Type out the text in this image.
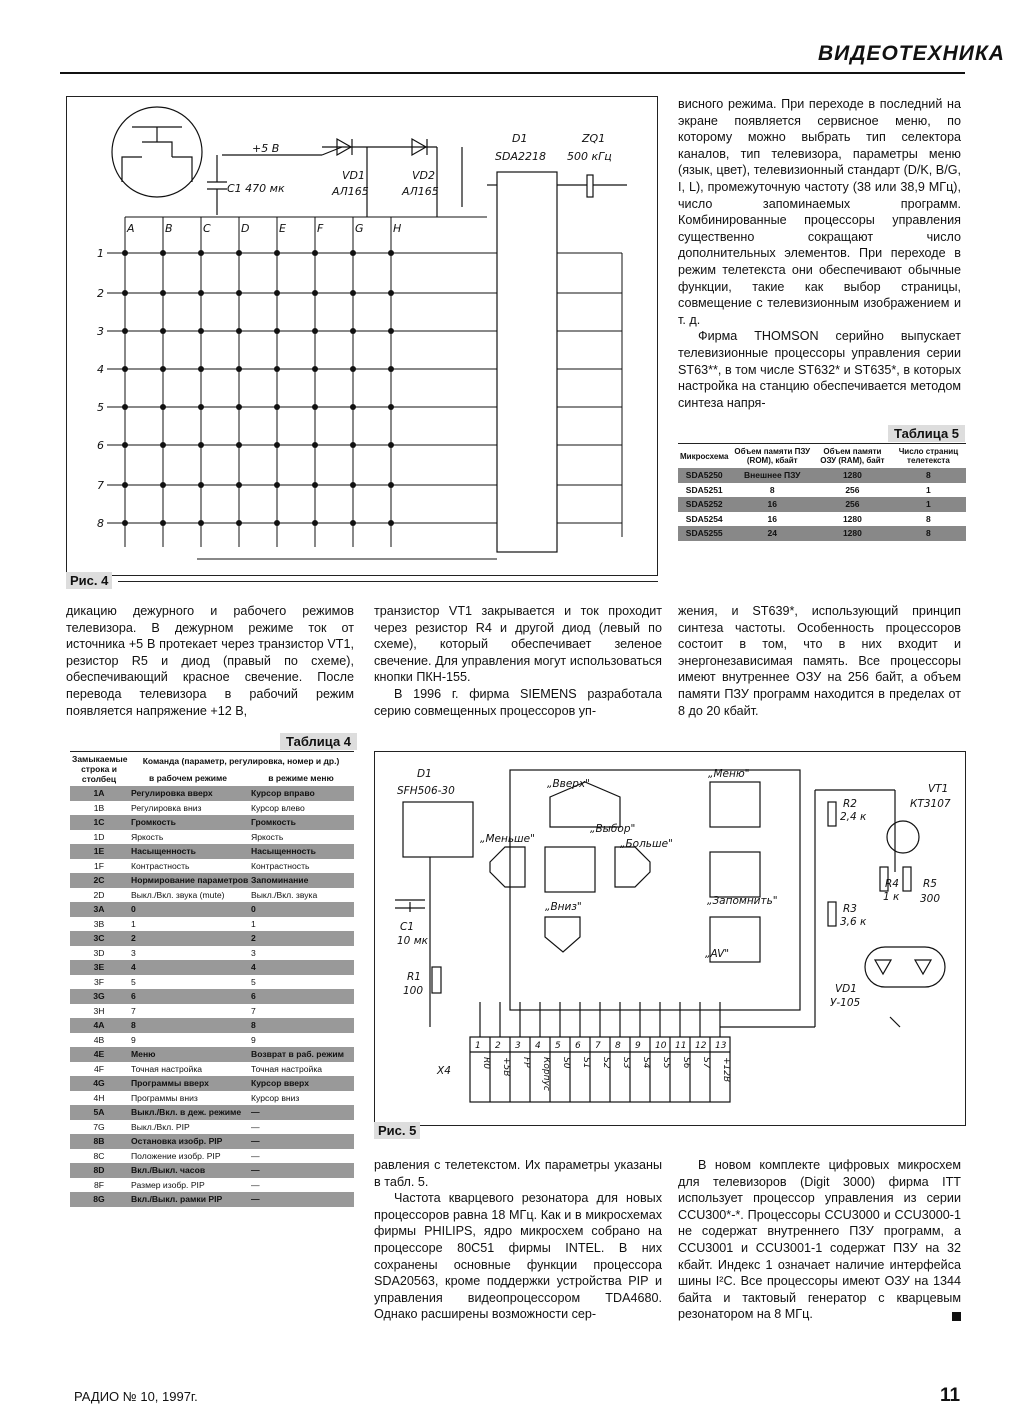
ВИДЕОТЕХНИКА
+5 В
C1 470 мк
VD1
АЛ165
VD2
АЛ165
D1
SDA2218
ZQ1
500 кГц
A	B	C	D	E	F	G	H
1
2
3
4
5
6
7
8
Рис. 4

висного режима. При переходе в последний на экране появляется сервисное меню, по которому можно выбрать тип селектора каналов, тип телевизора, параметры меню (язык, цвет), телевизионный стандарт (D/K, B/G, I, L), промежуточную частоту (38 или 38,9 МГц), число запоминаемых программ. Комбинированные процессоры управления существенно сокращают число дополнительных элементов. При переходе в режим телетекста они обеспечивают обычные функции, такие как выбор страницы, совмещение с телевизионным изображением и т. д.

Фирма THOMSON серийно выпускает телевизионные процессоры управления серии ST63**, в том числе ST632* и ST635*, в которых настройка на станцию обеспечивается методом синтеза напря-

Таблица 5
Микросхема	Объем памяти ПЗУ (ROM), кбайт	Объем памяти ОЗУ (RAM), байт	Число страниц телетекста
SDA5250	Внешнее ПЗУ	1280	8
SDA5251	8	256	1
SDA5252	16	256	1
SDA5254	16	1280	8
SDA5255	24	1280	8

дикацию дежурного и рабочего режимов телевизора. В дежурном режиме ток от источника +5 В протекает через транзистор VT1, резистор R5 и диод (правый по схеме), обеспечивающий красное свечение. После перевода телевизора в рабочий режим появляется напряжение +12 В,

транзистор VT1 закрывается и ток проходит через резистор R4 и другой диод (левый по схеме), который обеспечивает зеленое свечение. Для управления могут использоваться кнопки ПКН-155.

В 1996 г. фирма SIEMENS разработала серию совмещенных процессоров уп-

жения, и ST639*, использующий принцип синтеза частоты. Особенность процессоров состоит в том, что в них входит и энергонезависимая память. Все процессоры имеют внутреннее ОЗУ на 256 байт, а объем памяти ПЗУ программ находится в пределах от 8 до 20 кбайт.

Таблица 4
Замыкаемые строка и столбец	Команда (параметр, регулировка, номер и др.)	
	в рабочем режиме	в режиме меню
1A	Регулировка вверх	Курсор вправо
1B	Регулировка вниз	Курсор влево
1C	Громкость	Громкость
1D	Яркость	Яркость
1E	Насыщенность	Насыщенность
1F	Контрастность	Контрастность
2C	Нормирование параметров	Запоминание
2D	Выкл./Вкл. звука (mute)	Выкл./Вкл. звука
3A	0	0
3B	1	1
3C	2	2
3D	3	3
3E	4	4
3F	5	5
3G	6	6
3H	7	7
4A	8	8
4B	9	9
4E	Меню	Возврат в раб. режим
4F	Точная настройка	Точная настройка
4G	Программы вверх	Курсор вверх
4H	Программы вниз	Курсор вниз
5A	Выкл./Вкл. в деж. режиме	—
7G	Выкл./Вкл. PIP	—
8B	Остановка изобр. PIP	—
8C	Положение изобр. PIP	—
8D	Вкл./Выкл. часов	—
8F	Размер изобр. PIP	—
8G	Вкл./Выкл. рамки PIP	—
D1
SFH506-30
C1
10 мк
R1
100
„Вверх"
„Меньше"
„Выбор"
„Больше"
„Вниз"
„Меню"
„Запомнить"
„AV"
R2
2,4 к
R3
3,6 к
R4
1 к
R5
300
VT1
КТ3107
VD1
У-105
X4
1
R0
2
+5В
3
FP
4
Корпус
5
S0
6
S1
7
S2
8
S3
9
S4
10
S5
11
S6
12
S7
13
+12В
Рис. 5

равления с телетекстом. Их параметры указаны в табл. 5.

Частота кварцевого резонатора для новых процессоров равна 18 МГц. Как и в микросхемах фирмы PHILIPS, ядро микросхем собрано на процессоре 80C51 фирмы INTEL. В них сохранены основные функции процессора SDA20563, кроме поддержки устройства PIP и управления видеопроцессором TDA4680. Однако расширены возможности сер-

В новом комплекте цифровых микросхем для телевизоров (Digit 3000) фирма ITT использует процессор управления из серии CCU300*-*. Процессоры CCU3000 и CCU3000-1 не содержат внутреннего ПЗУ программ, а CCU3001 и CCU3001-1 содержат ПЗУ на 32 кбайт. Индекс 1 означает наличие интерфейса шины I²C. Все процессоры имеют ОЗУ на 1344 байта и тактовый генератор с кварцевым резонатором на 8 МГц.

РАДИО № 10, 1997г.	11
